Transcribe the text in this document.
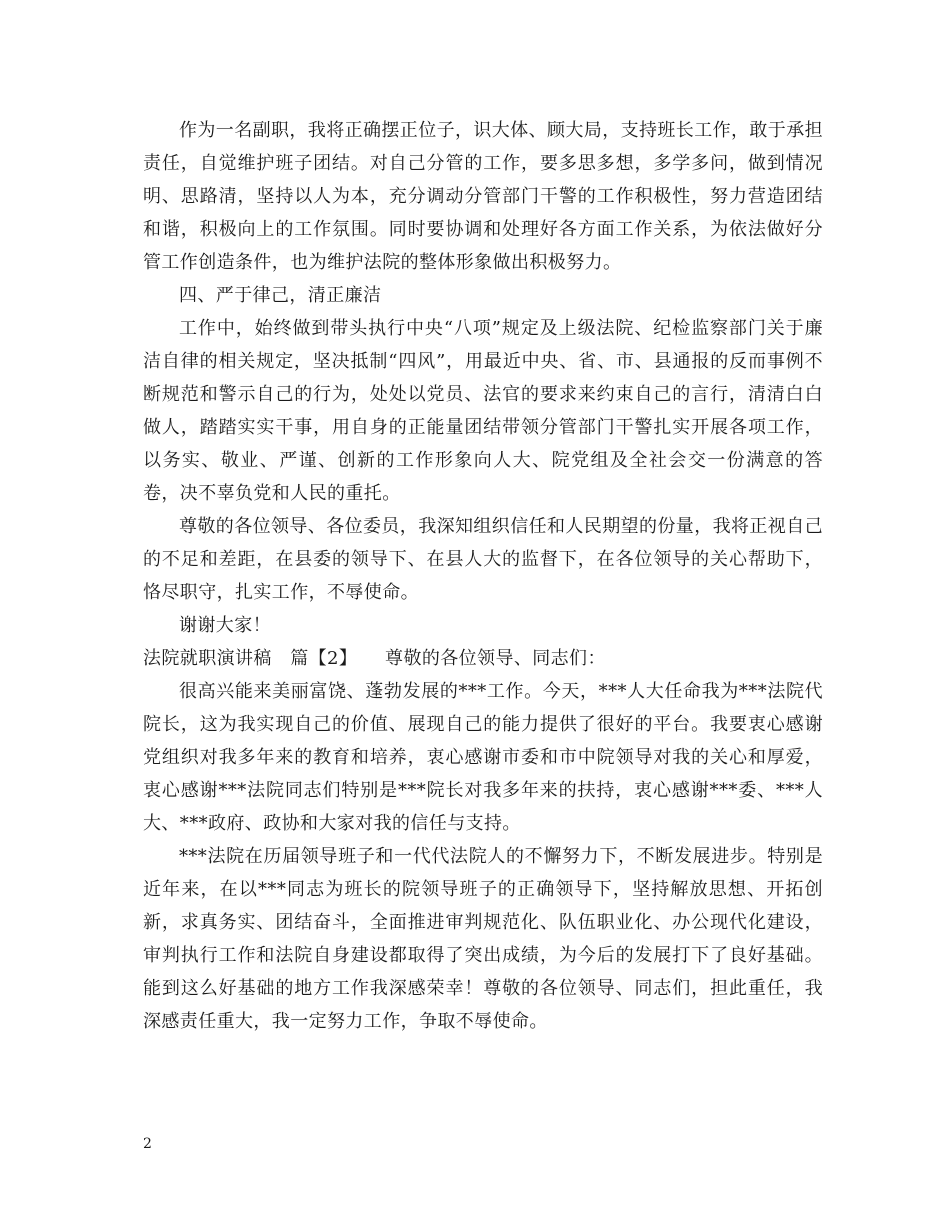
作为一名副职，我将正确摆正位子，识大体、顾大局，支持班长工作，敢于承担责任，自觉维护班子团结。对自己分管的工作，要多思多想，多学多问，做到情况明、思路清，坚持以人为本，充分调动分管部门干警的工作积极性，努力营造团结和谐，积极向上的工作氛围。同时要协调和处理好各方面工作关系，为依法做好分管工作创造条件，也为维护法院的整体形象做出积极努力。

四、严于律己，清正廉洁

工作中，始终做到带头执行中央“八项”规定及上级法院、纪检监察部门关于廉洁自律的相关规定，坚决抵制“四风”，用最近中央、省、市、县通报的反而事例不断规范和警示自己的行为，处处以党员、法官的要求来约束自己的言行，清清白白做人，踏踏实实干事，用自身的正能量团结带领分管部门干警扎实开展各项工作，以务实、敬业、严谨、创新的工作形象向人大、院党组及全社会交一份满意的答卷，决不辜负党和人民的重托。

尊敬的各位领导、各位委员，我深知组织信任和人民期望的份量，我将正视自己的不足和差距，在县委的领导下、在县人大的监督下，在各位领导的关心帮助下，恪尽职守，扎实工作，不辱使命。

谢谢大家！

法院就职演讲稿　篇【2】　　尊敬的各位领导、同志们：

很高兴能来美丽富饶、蓬勃发展的***工作。今天，***人大任命我为***法院代院长，这为我实现自己的价值、展现自己的能力提供了很好的平台。我要衷心感谢党组织对我多年来的教育和培养，衷心感谢市委和市中院领导对我的关心和厚爱，衷心感谢***法院同志们特别是***院长对我多年来的扶持，衷心感谢***委、***人大、***政府、政协和大家对我的信任与支持。

***法院在历届领导班子和一代代法院人的不懈努力下，不断发展进步。特别是近年来，在以***同志为班长的院领导班子的正确领导下，坚持解放思想、开拓创新，求真务实、团结奋斗，全面推进审判规范化、队伍职业化、办公现代化建设，审判执行工作和法院自身建设都取得了突出成绩，为今后的发展打下了良好基础。能到这么好基础的地方工作我深感荣幸！尊敬的各位领导、同志们，担此重任，我深感责任重大，我一定努力工作，争取不辱使命。

2
